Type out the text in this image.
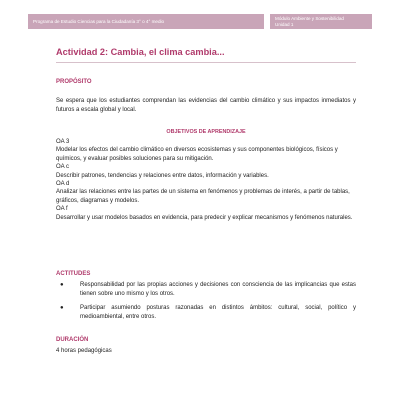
Programa de Estudio Ciencias para la Ciudadanía 3° o 4° medio
Módulo Ambiente y Sostenibilidad
Unidad 1
Actividad 2: Cambia, el clima cambia...
PROPÓSITO

Se espera que los estudiantes comprendan las evidencias del cambio climático y sus impactos inmediatos y futuros a escala global y local.

OBJETIVOS DE APRENDIZAJE
OA 3
Modelar los efectos del cambio climático en diversos ecosistemas y sus componentes biológicos, físicos y químicos, y evaluar posibles soluciones para su mitigación.
OA c
Describir patrones, tendencias y relaciones entre datos, información y variables.
OA d
Analizar las relaciones entre las partes de un sistema en fenómenos y problemas de interés, a partir de tablas, gráficos, diagramas y modelos.
OA f
Desarrollar y usar modelos basados en evidencia, para predecir y explicar mecanismos y fenómenos naturales.
ACTITUDES
●	Responsabilidad por las propias acciones y decisiones con consciencia de las implicancias que estas tienen sobre uno mismo y los otros.
●	Participar asumiendo posturas razonadas en distintos ámbitos: cultural, social, político y medioambiental, entre otros.
DURACIÓN

4 horas pedagógicas
